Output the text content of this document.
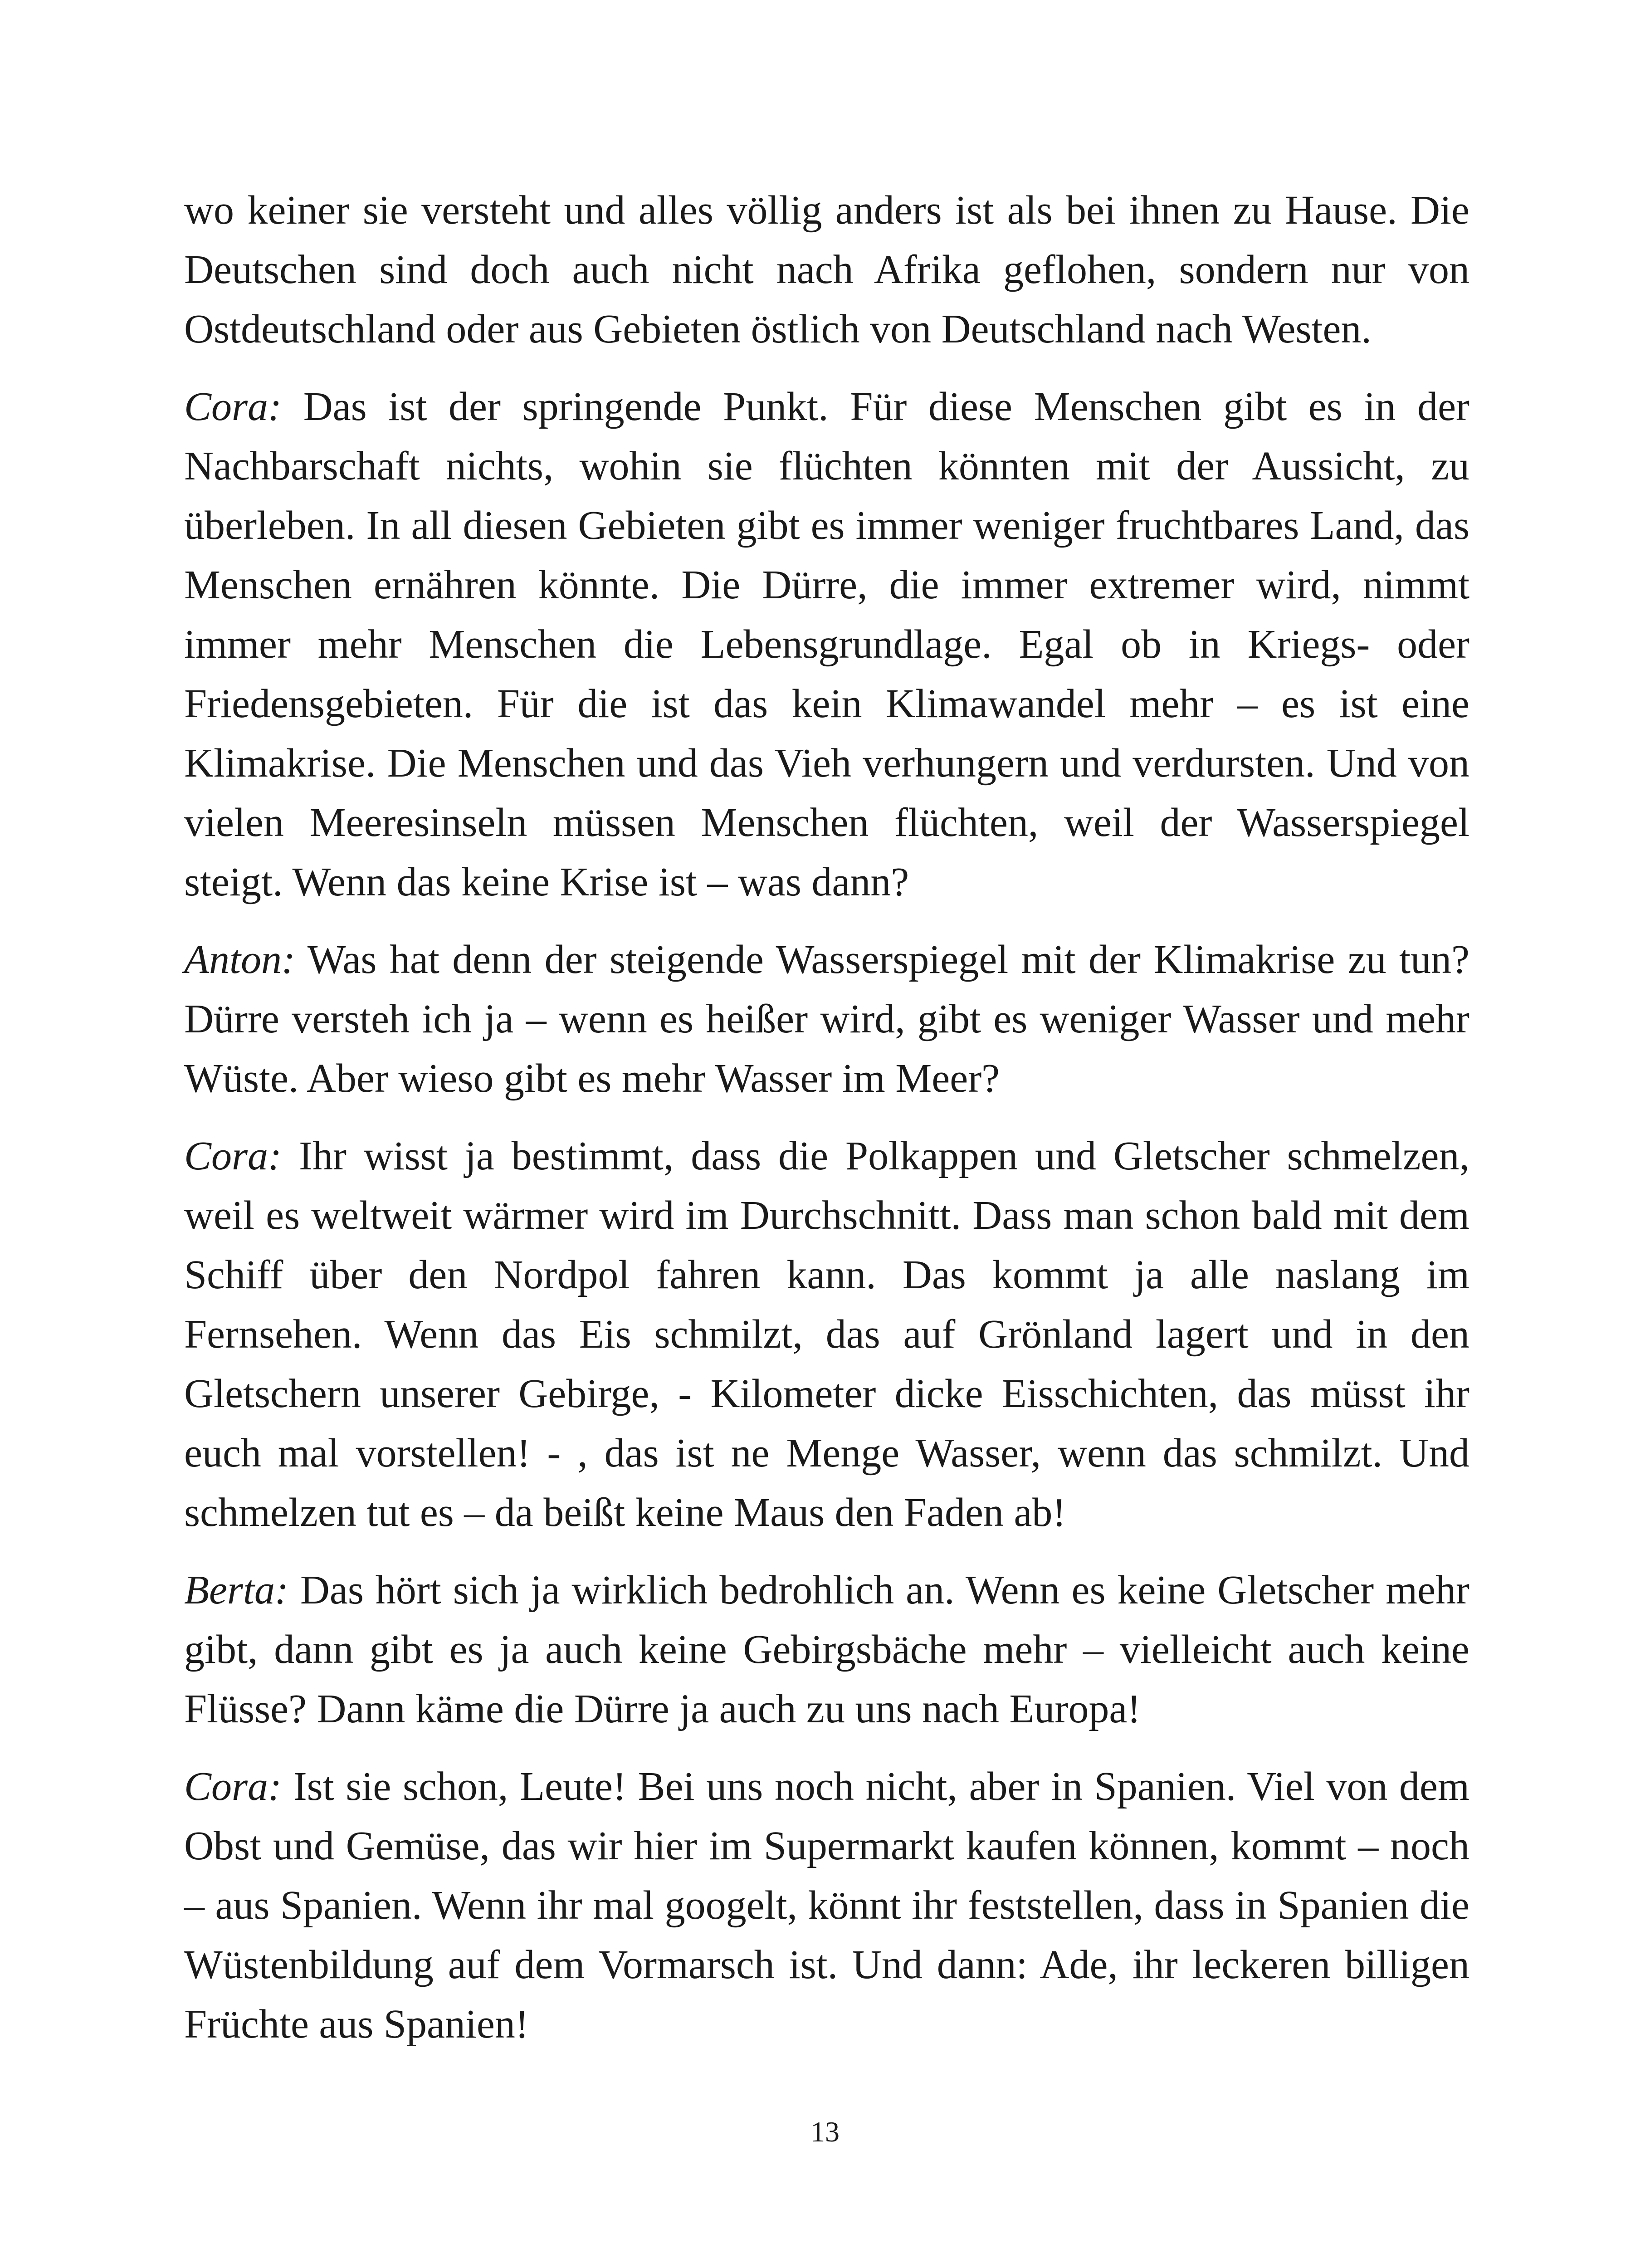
wo keiner sie versteht und alles völlig anders ist als bei ihnen zu Hause. Die Deutschen sind doch auch nicht nach Afrika geflohen, sondern nur von Ostdeutschland oder aus Gebieten östlich von Deutschland nach Westen.

Cora: Das ist der springende Punkt. Für diese Menschen gibt es in der Nachbarschaft nichts, wohin sie flüchten könnten mit der Aussicht, zu überleben. In all diesen Gebieten gibt es immer weniger fruchtbares Land, das Menschen ernähren könnte. Die Dürre, die immer extremer wird, nimmt immer mehr Menschen die Lebensgrundlage. Egal ob in Kriegs- oder Friedensgebieten. Für die ist das kein Klimawandel mehr – es ist eine Klimakrise. Die Menschen und das Vieh verhungern und verdursten. Und von vielen Meeresinseln müssen Menschen flüchten, weil der Wasserspiegel steigt. Wenn das keine Krise ist – was dann?

Anton: Was hat denn der steigende Wasserspiegel mit der Klimakrise zu tun? Dürre versteh ich ja – wenn es heißer wird, gibt es weniger Wasser und mehr Wüste. Aber wieso gibt es mehr Wasser im Meer?

Cora: Ihr wisst ja bestimmt, dass die Polkappen und Gletscher schmelzen, weil es weltweit wärmer wird im Durchschnitt. Dass man schon bald mit dem Schiff über den Nordpol fahren kann. Das kommt ja alle naslang im Fernsehen. Wenn das Eis schmilzt, das auf Grönland lagert und in den Gletschern unserer Gebirge, - Kilometer dicke Eisschichten, das müsst ihr euch mal vorstellen! - , das ist ne Menge Wasser, wenn das schmilzt. Und schmelzen tut es – da beißt keine Maus den Faden ab!

Berta: Das hört sich ja wirklich bedrohlich an. Wenn es keine Gletscher mehr gibt, dann gibt es ja auch keine Gebirgsbäche mehr – vielleicht auch keine Flüsse? Dann käme die Dürre ja auch zu uns nach Europa!

Cora: Ist sie schon, Leute! Bei uns noch nicht, aber in Spanien. Viel von dem Obst und Gemüse, das wir hier im Supermarkt kaufen können, kommt – noch – aus Spanien. Wenn ihr mal googelt, könnt ihr feststellen, dass in Spanien die Wüstenbildung auf dem Vormarsch ist. Und dann: Ade, ihr leckeren billigen Früchte aus Spanien!

13
